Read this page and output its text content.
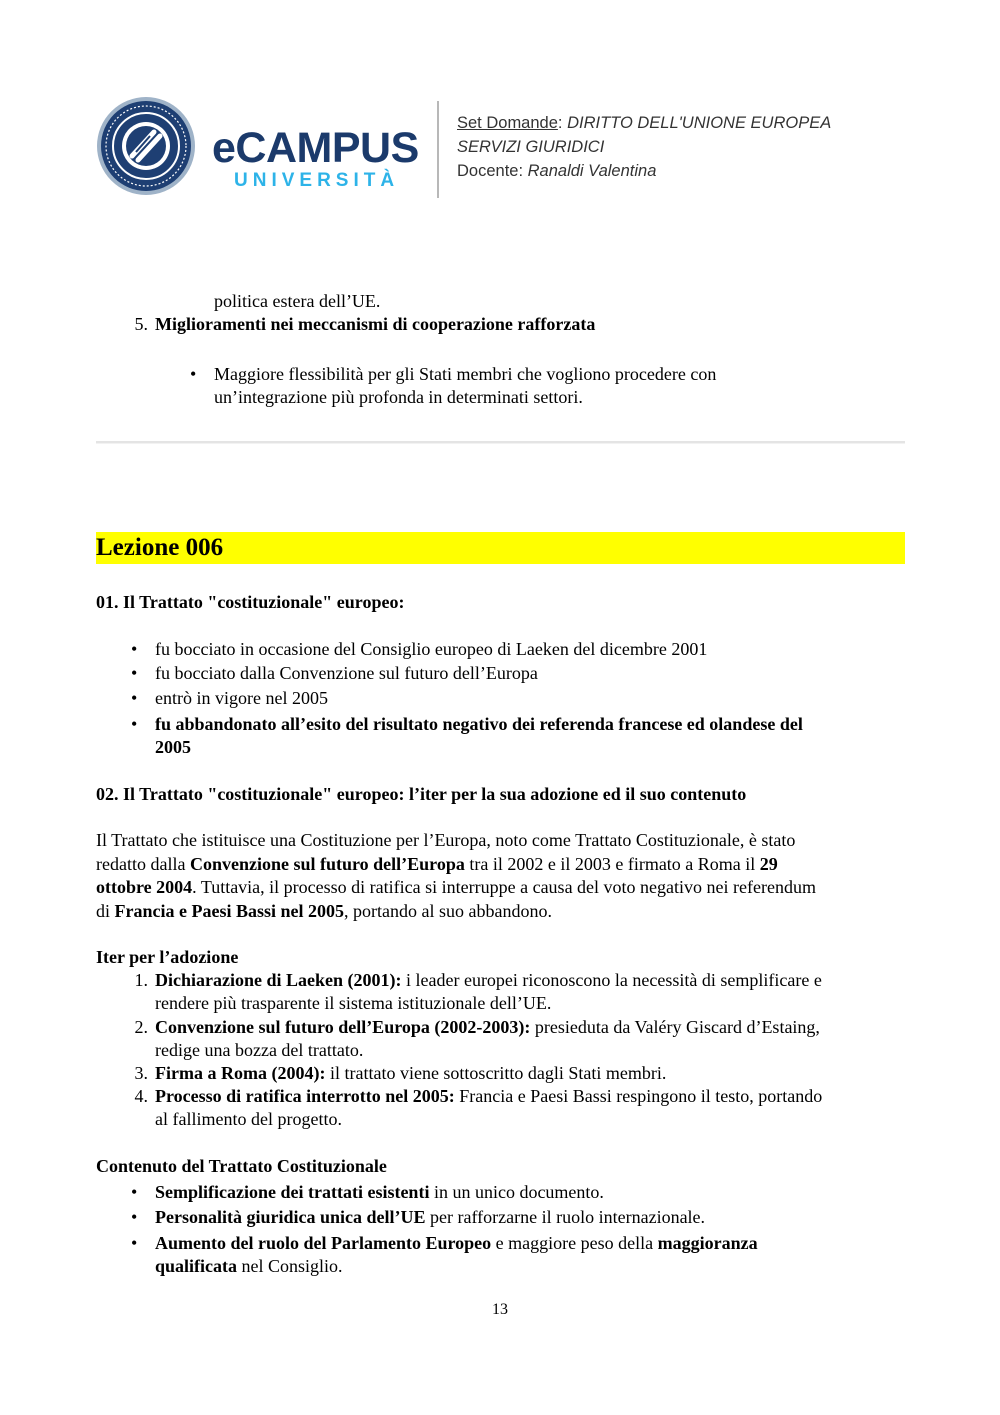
eCAMPUS
UNIVERSITÀ
Set Domande: DIRITTO DELL'UNIONE EUROPEA
SERVIZI GIURIDICI
Docente: Ranaldi Valentina
politica estera dell’UE.
5. Miglioramenti nei meccanismi di cooperazione rafforzata
• Maggiore flessibilità per gli Stati membri che vogliono procedere con
un’integrazione più profonda in determinati settori.
Lezione 006
01. Il Trattato "costituzionale" europeo:
• fu bocciato in occasione del Consiglio europeo di Laeken del dicembre 2001
• fu bocciato dalla Convenzione sul futuro dell’Europa
• entrò in vigore nel 2005
• fu abbandonato all’esito del risultato negativo dei referenda francese ed olandese del
2005
02. Il Trattato "costituzionale" europeo: l’iter per la sua adozione ed il suo contenuto
Il Trattato che istituisce una Costituzione per l’Europa, noto come Trattato Costituzionale, è stato
redatto dalla Convenzione sul futuro dell’Europa tra il 2002 e il 2003 e firmato a Roma il 29
ottobre 2004. Tuttavia, il processo di ratifica si interruppe a causa del voto negativo nei referendum
di Francia e Paesi Bassi nel 2005, portando al suo abbandono.
Iter per l’adozione
1. Dichiarazione di Laeken (2001): i leader europei riconoscono la necessità di semplificare e
rendere più trasparente il sistema istituzionale dell’UE.
2. Convenzione sul futuro dell’Europa (2002-2003): presieduta da Valéry Giscard d’Estaing,
redige una bozza del trattato.
3. Firma a Roma (2004): il trattato viene sottoscritto dagli Stati membri.
4. Processo di ratifica interrotto nel 2005: Francia e Paesi Bassi respingono il testo, portando
al fallimento del progetto.
Contenuto del Trattato Costituzionale
• Semplificazione dei trattati esistenti in un unico documento.
• Personalità giuridica unica dell’UE per rafforzarne il ruolo internazionale.
• Aumento del ruolo del Parlamento Europeo e maggiore peso della maggioranza
qualificata nel Consiglio.
13
